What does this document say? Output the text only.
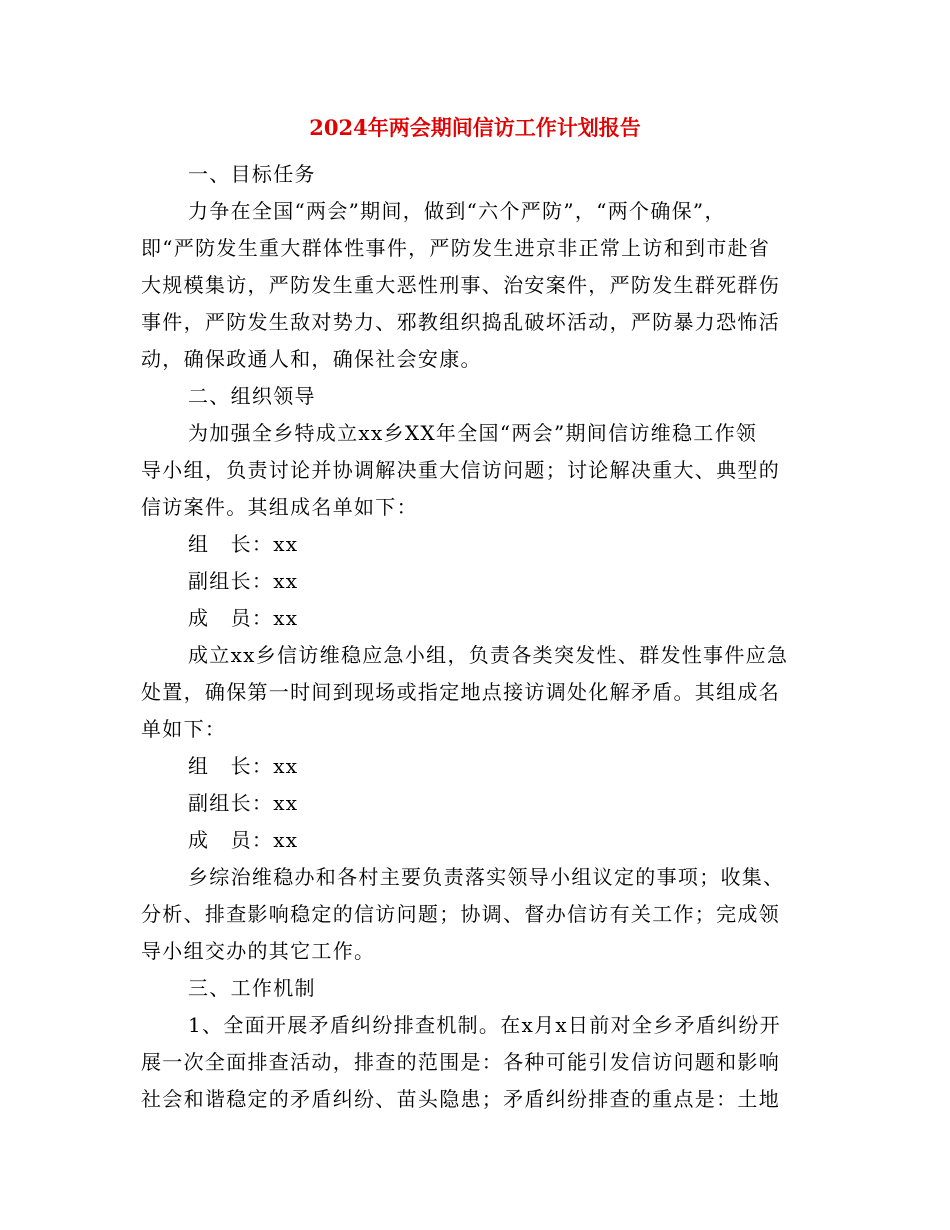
2024年两会期间信访工作计划报告
一、目标任务
力争在全国“两会”期间，做到“六个严防”，“两个确保”，
即“严防发生重大群体性事件，严防发生进京非正常上访和到市赴省
大规模集访，严防发生重大恶性刑事、治安案件，严防发生群死群伤
事件，严防发生敌对势力、邪教组织捣乱破坏活动，严防暴力恐怖活
动，确保政通人和，确保社会安康。
二、组织领导
为加强全乡特成立xx乡XX年全国“两会”期间信访维稳工作领
导小组，负责讨论并协调解决重大信访问题；讨论解决重大、典型的
信访案件。其组成名单如下：
组　长：xx
副组长：xx
成　员：xx
成立xx乡信访维稳应急小组，负责各类突发性、群发性事件应急
处置，确保第一时间到现场或指定地点接访调处化解矛盾。其组成名
单如下：
组　长：xx
副组长：xx
成　员：xx
乡综治维稳办和各村主要负责落实领导小组议定的事项；收集、
分析、排查影响稳定的信访问题；协调、督办信访有关工作；完成领
导小组交办的其它工作。
三、工作机制
1、全面开展矛盾纠纷排查机制。在x月x日前对全乡矛盾纠纷开
展一次全面排查活动，排查的范围是：各种可能引发信访问题和影响
社会和谐稳定的矛盾纠纷、苗头隐患；矛盾纠纷排查的重点是：土地
